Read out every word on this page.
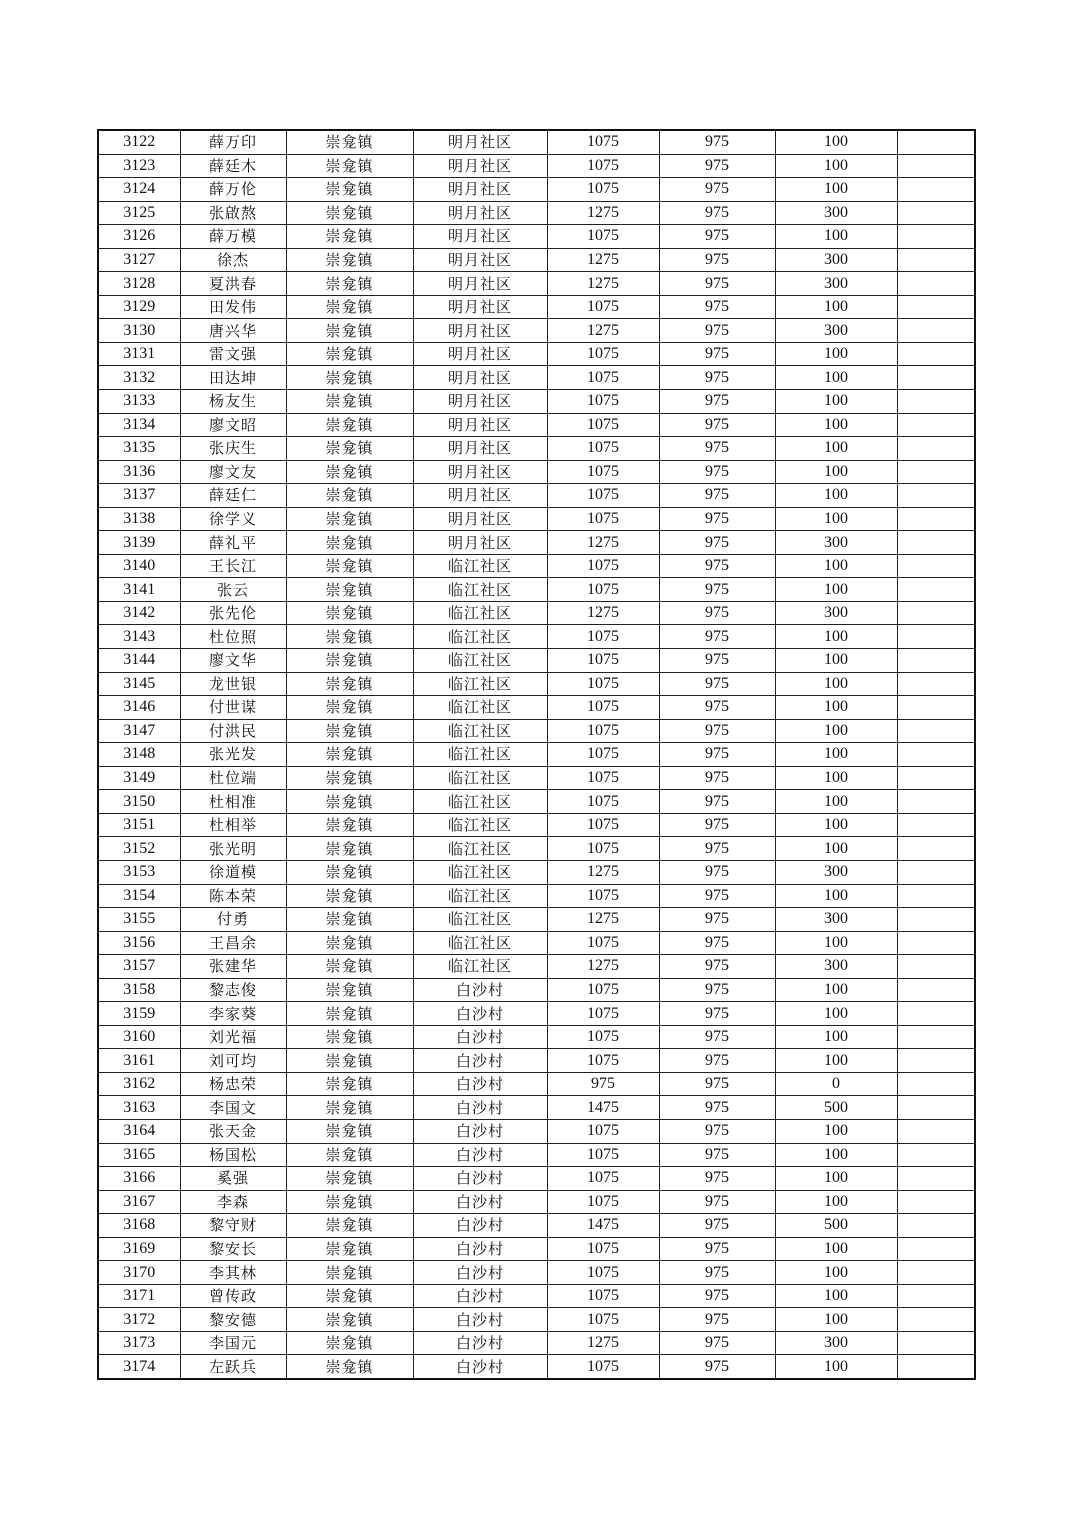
3122	薛万印	崇龛镇	明月社区	1075	975	100	
3123	薛廷木	崇龛镇	明月社区	1075	975	100	
3124	薛万伦	崇龛镇	明月社区	1075	975	100	
3125	张啟熬	崇龛镇	明月社区	1275	975	300	
3126	薛万模	崇龛镇	明月社区	1075	975	100	
3127	徐杰	崇龛镇	明月社区	1275	975	300	
3128	夏洪春	崇龛镇	明月社区	1275	975	300	
3129	田发伟	崇龛镇	明月社区	1075	975	100	
3130	唐兴华	崇龛镇	明月社区	1275	975	300	
3131	雷文强	崇龛镇	明月社区	1075	975	100	
3132	田达坤	崇龛镇	明月社区	1075	975	100	
3133	杨友生	崇龛镇	明月社区	1075	975	100	
3134	廖文昭	崇龛镇	明月社区	1075	975	100	
3135	张庆生	崇龛镇	明月社区	1075	975	100	
3136	廖文友	崇龛镇	明月社区	1075	975	100	
3137	薛廷仁	崇龛镇	明月社区	1075	975	100	
3138	徐学义	崇龛镇	明月社区	1075	975	100	
3139	薛礼平	崇龛镇	明月社区	1275	975	300	
3140	王长江	崇龛镇	临江社区	1075	975	100	
3141	张云	崇龛镇	临江社区	1075	975	100	
3142	张先伦	崇龛镇	临江社区	1275	975	300	
3143	杜位照	崇龛镇	临江社区	1075	975	100	
3144	廖文华	崇龛镇	临江社区	1075	975	100	
3145	龙世银	崇龛镇	临江社区	1075	975	100	
3146	付世谋	崇龛镇	临江社区	1075	975	100	
3147	付洪民	崇龛镇	临江社区	1075	975	100	
3148	张光发	崇龛镇	临江社区	1075	975	100	
3149	杜位端	崇龛镇	临江社区	1075	975	100	
3150	杜相准	崇龛镇	临江社区	1075	975	100	
3151	杜相举	崇龛镇	临江社区	1075	975	100	
3152	张光明	崇龛镇	临江社区	1075	975	100	
3153	徐道模	崇龛镇	临江社区	1275	975	300	
3154	陈本荣	崇龛镇	临江社区	1075	975	100	
3155	付勇	崇龛镇	临江社区	1275	975	300	
3156	王昌余	崇龛镇	临江社区	1075	975	100	
3157	张建华	崇龛镇	临江社区	1275	975	300	
3158	黎志俊	崇龛镇	白沙村	1075	975	100	
3159	李家葵	崇龛镇	白沙村	1075	975	100	
3160	刘光福	崇龛镇	白沙村	1075	975	100	
3161	刘可均	崇龛镇	白沙村	1075	975	100	
3162	杨忠荣	崇龛镇	白沙村	975	975	0	
3163	李国文	崇龛镇	白沙村	1475	975	500	
3164	张天金	崇龛镇	白沙村	1075	975	100	
3165	杨国松	崇龛镇	白沙村	1075	975	100	
3166	奚强	崇龛镇	白沙村	1075	975	100	
3167	李森	崇龛镇	白沙村	1075	975	100	
3168	黎守财	崇龛镇	白沙村	1475	975	500	
3169	黎安长	崇龛镇	白沙村	1075	975	100	
3170	李其林	崇龛镇	白沙村	1075	975	100	
3171	曾传政	崇龛镇	白沙村	1075	975	100	
3172	黎安德	崇龛镇	白沙村	1075	975	100	
3173	李国元	崇龛镇	白沙村	1275	975	300	
3174	左跃兵	崇龛镇	白沙村	1075	975	100	
